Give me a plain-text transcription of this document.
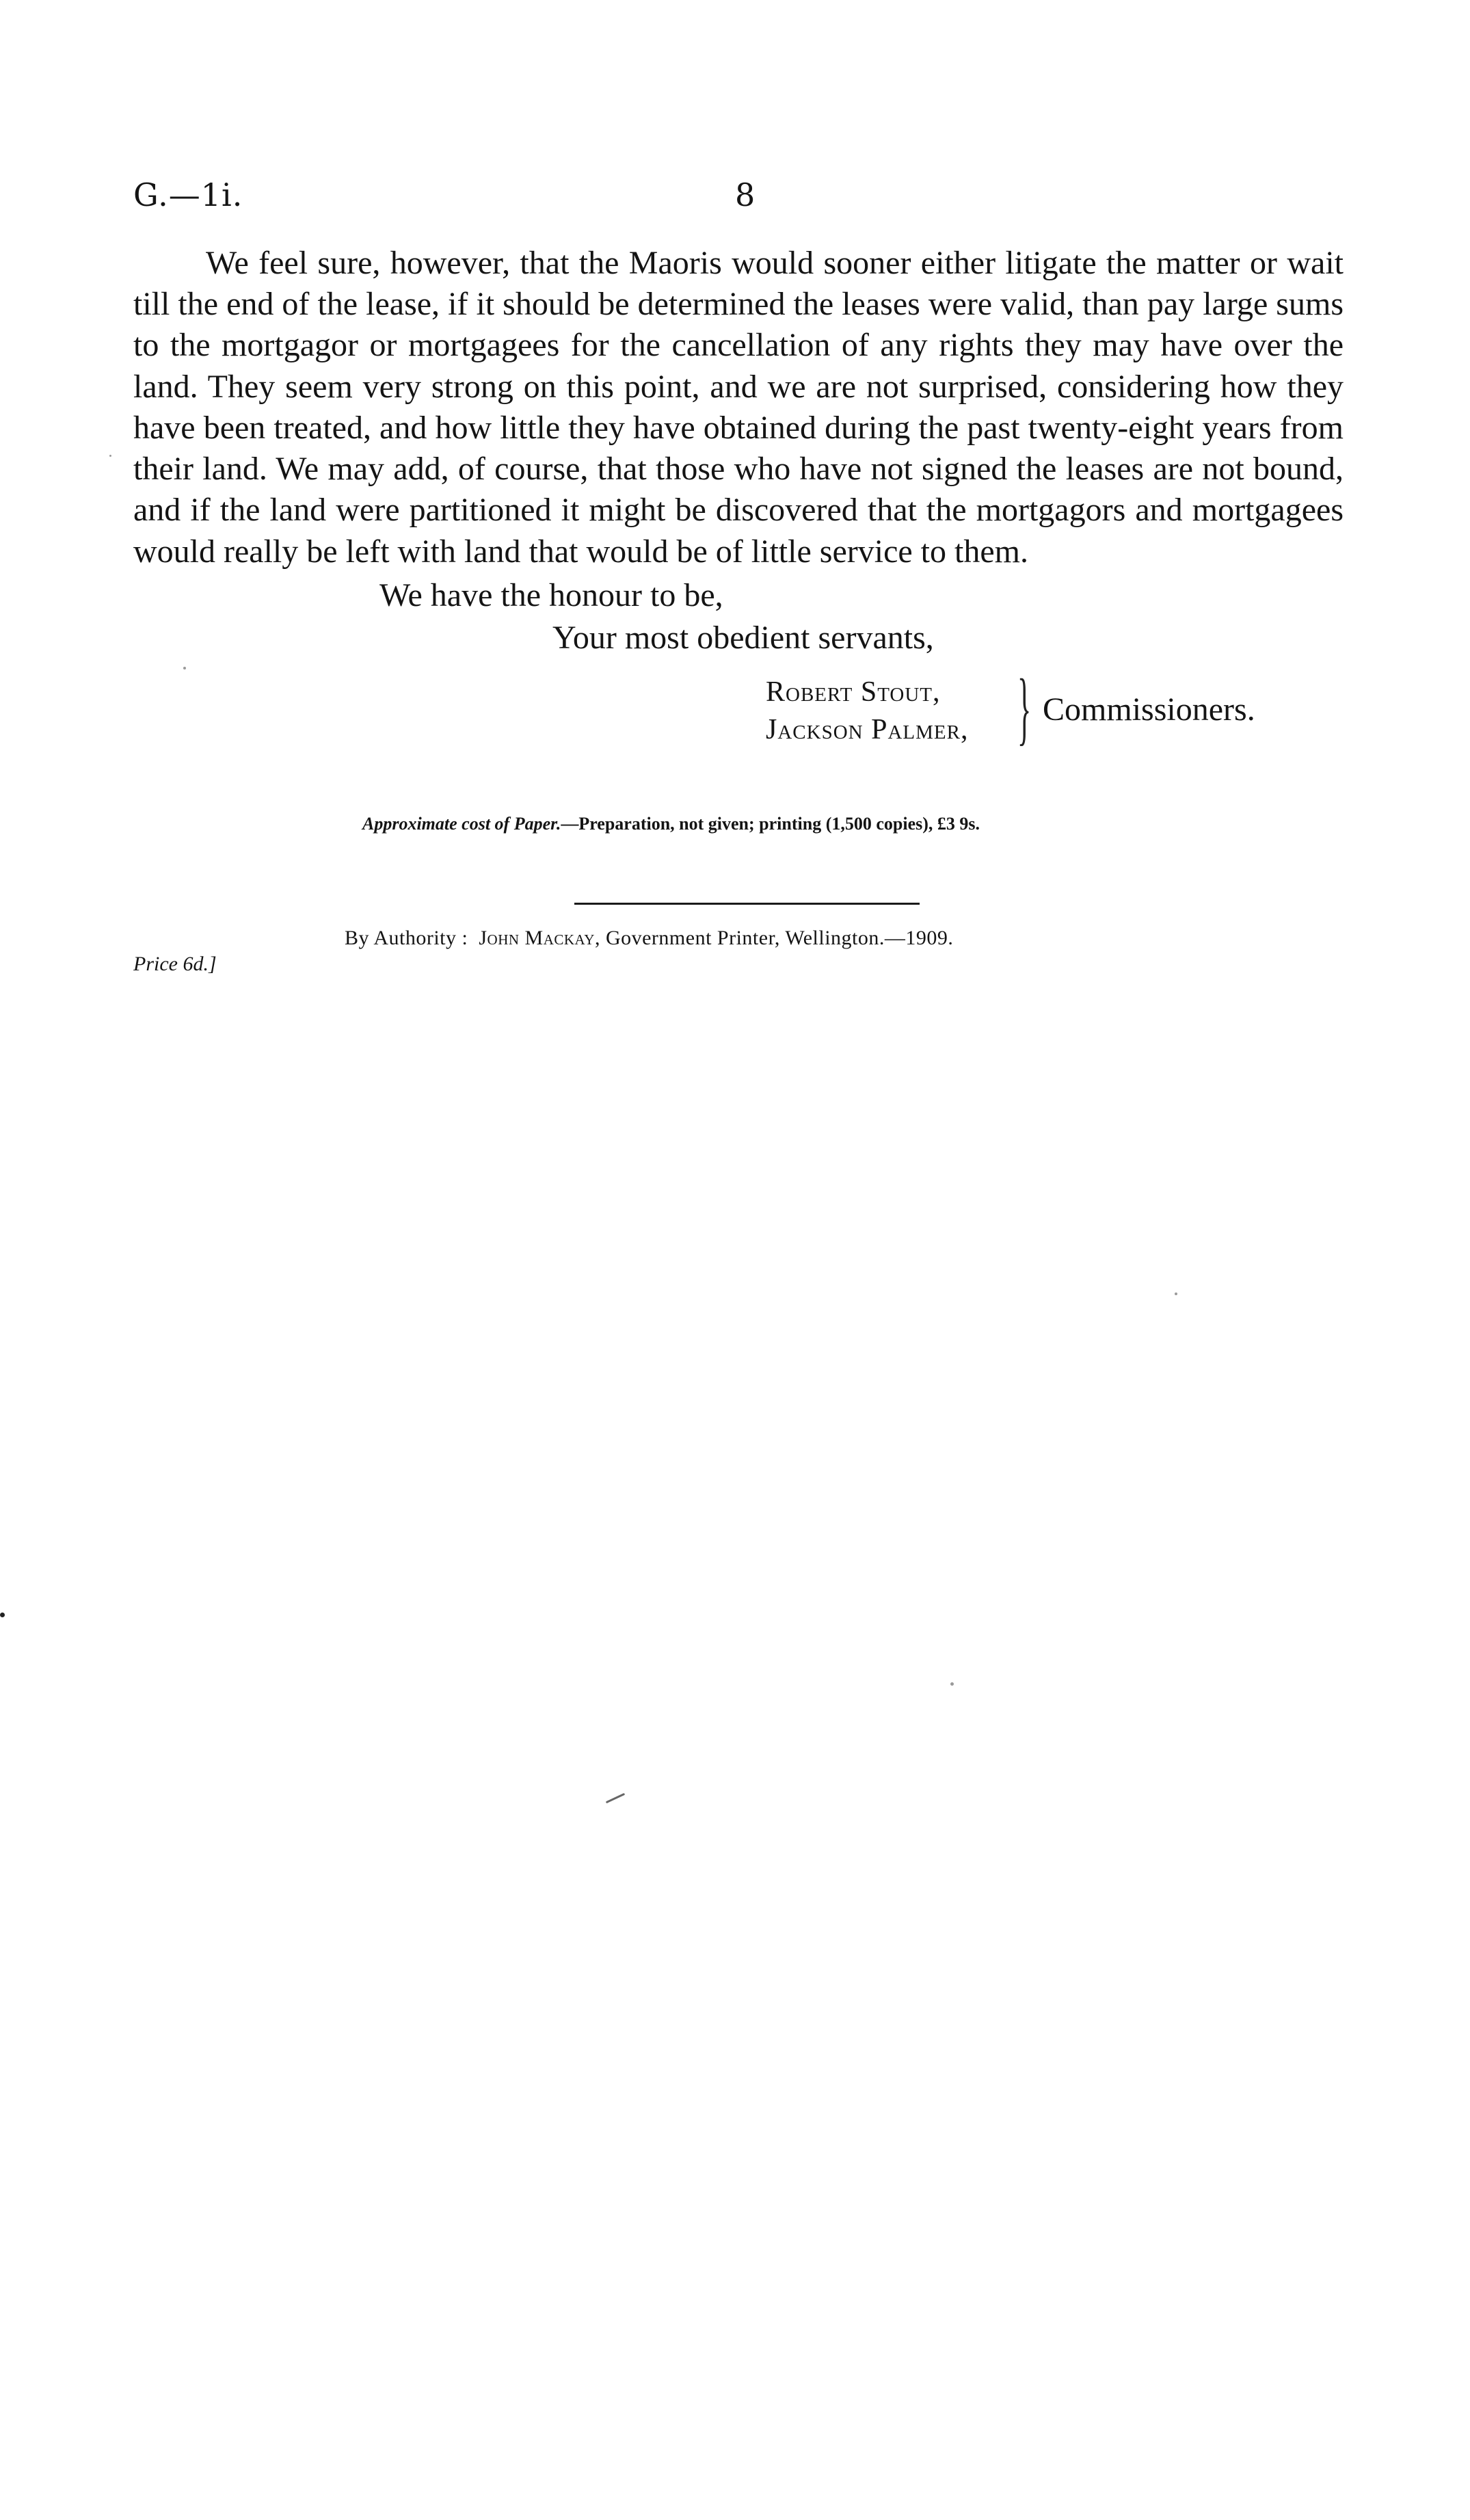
G.—1i.	8

We feel sure, however, that the Maoris would sooner either litigate the matter or wait till the end of the lease, if it should be determined the leases were valid, than pay large sums to the mortgagor or mortgagees for the cancellation of any rights they may have over the land. They seem very strong on this point, and we are not surprised, considering how they have been treated, and how little they have obtained during the past twenty-eight years from their land. We may add, of course, that those who have not signed the leases are not bound, and if the land were partitioned it might be discovered that the mortgagors and mortgagees would really be left with land that would be of little service to them.

We have the honour to be,
Your most obedient servants,
Robert Stout,
Jackson Palmer, } Commissioners.
Approximate cost of Paper.—Preparation, not given; printing (1,500 copies), £3 9s.
By Authority : John Mackay, Government Printer, Wellington.—1909.
Price 6d.]
